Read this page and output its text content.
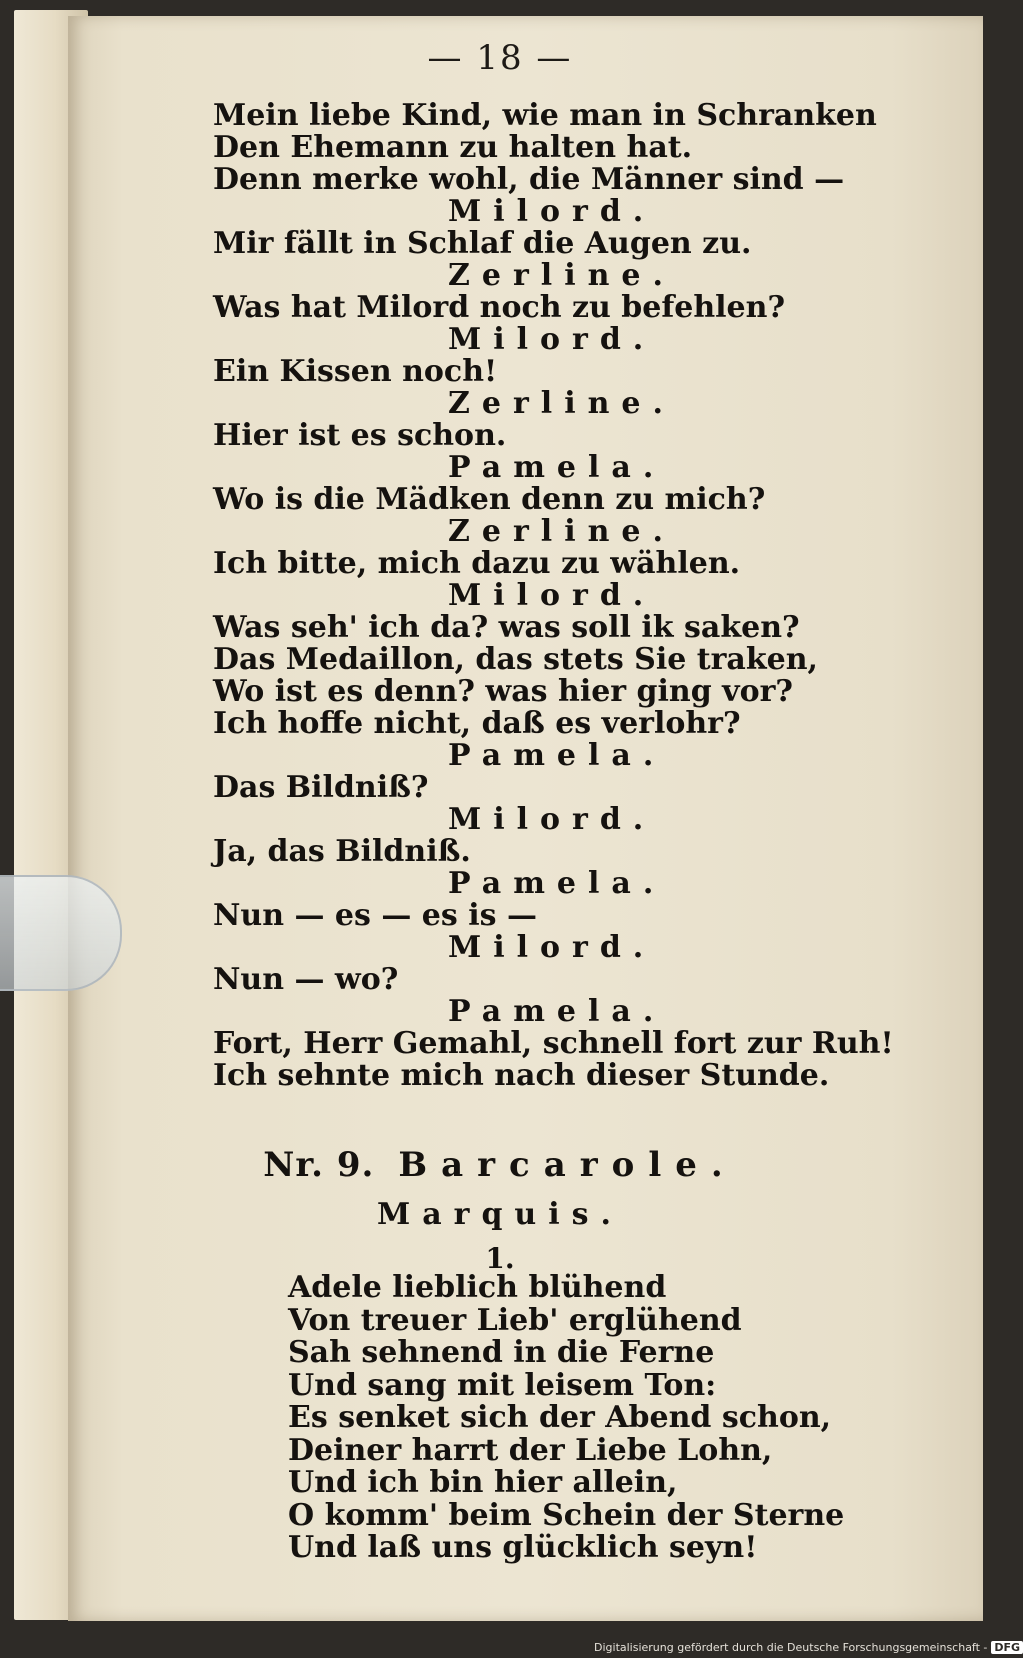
— 18 —
Mein liebe Kind, wie man in Schranken
Den Ehemann zu halten hat.
Denn merke wohl, die Männer sind —
Milord.
Mir fällt in Schlaf die Augen zu.
Zerline.
Was hat Milord noch zu befehlen?
Milord.
Ein Kissen noch!
Zerline.
Hier ist es schon.
Pamela.
Wo is die Mädken denn zu mich?
Zerline.
Ich bitte, mich dazu zu wählen.
Milord.
Was seh' ich da? was soll ik saken?
Das Medaillon, das stets Sie traken,
Wo ist es denn? was hier ging vor?
Ich hoffe nicht, daß es verlohr?
Pamela.
Das Bildniß?
Milord.
Ja, das Bildniß.
Pamela.
Nun — es — es is —
Milord.
Nun — wo?
Pamela.
Fort, Herr Gemahl, schnell fort zur Ruh!
Ich sehnte mich nach dieser Stunde.
Nr. 9. Barcarole.
Marquis.
1.
Adele lieblich blühend
Von treuer Lieb' erglühend
Sah sehnend in die Ferne
Und sang mit leisem Ton:
Es senket sich der Abend schon,
Deiner harrt der Liebe Lohn,
Und ich bin hier allein,
O komm' beim Schein der Sterne
Und laß uns glücklich seyn!
Digitalisierung gefördert durch die Deutsche Forschungsgemeinschaft - DFG
